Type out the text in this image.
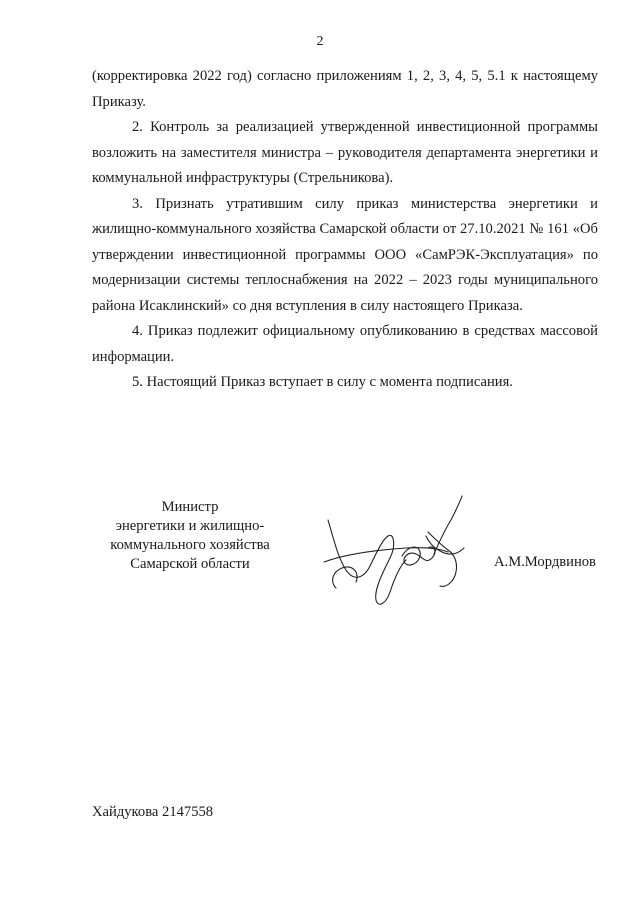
2

(корректировка 2022 год) согласно приложениям 1, 2, 3, 4, 5, 5.1 к настоящему Приказу.

2. Контроль за реализацией утвержденной инвестиционной программы возложить на заместителя министра – руководителя департамента энергетики и коммунальной инфраструктуры (Стрельникова).

3. Признать утратившим силу приказ министерства энергетики и жилищно-коммунального хозяйства Самарской области от 27.10.2021 № 161 «Об утверждении инвестиционной программы ООО «СамРЭК-Эксплуатация» по модернизации системы теплоснабжения на 2022 – 2023 годы муниципального района Исаклинский» со дня вступления в силу настоящего Приказа.

4. Приказ подлежит официальному опубликованию в средствах массовой информации.

5. Настоящий Приказ вступает в силу с момента подписания.

Министр
энергетики и жилищно-
коммунального хозяйства
Самарской области	А.М.Мордвинов
Хайдукова 2147558
